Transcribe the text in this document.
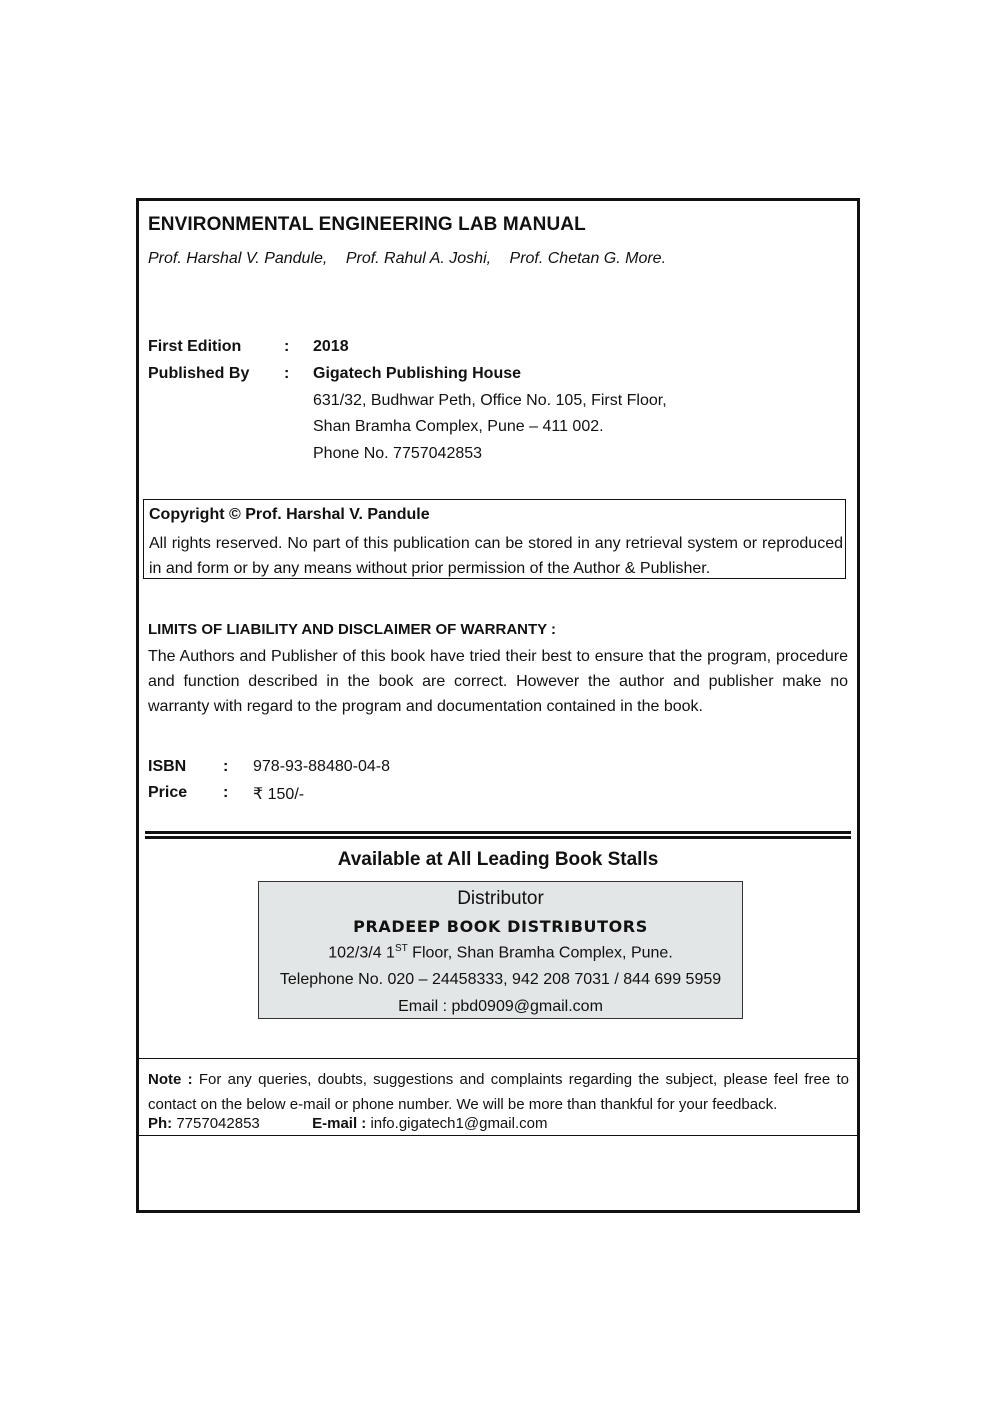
ENVIRONMENTAL ENGINEERING LAB MANUAL
Prof. Harshal V. Pandule, Prof. Rahul A. Joshi, Prof. Chetan G. More.
First Edition	: 2018
Published By : Gigatech Publishing House
631/32, Budhwar Peth, Office No. 105, First Floor,
Shan Bramha Complex, Pune – 411 002.
Phone No. 7757042853
Copyright © Prof. Harshal V. Pandule
All rights reserved. No part of this publication can be stored in any retrieval system or reproduced in and form or by any means without prior permission of the Author & Publisher.
LIMITS OF LIABILITY AND DISCLAIMER OF WARRANTY :
The Authors and Publisher of this book have tried their best to ensure that the program, procedure and function described in the book are correct. However the author and publisher make no warranty with regard to the program and documentation contained in the book.
ISBN : 978-93-88480-04-8
Price : ₹ 150/-
Available at All Leading Book Stalls
Distributor
PRADEEP BOOK DISTRIBUTORS
102/3/4 1ST Floor, Shan Bramha Complex, Pune.
Telephone No. 020 – 24458333, 942 208 7031 / 844 699 5959
Email : pbd0909@gmail.com
Note : For any queries, doubts, suggestions and complaints regarding the subject, please feel free to contact on the below e-mail or phone number. We will be more than thankful for your feedback.
Ph: 7757042853	E-mail : info.gigatech1@gmail.com
